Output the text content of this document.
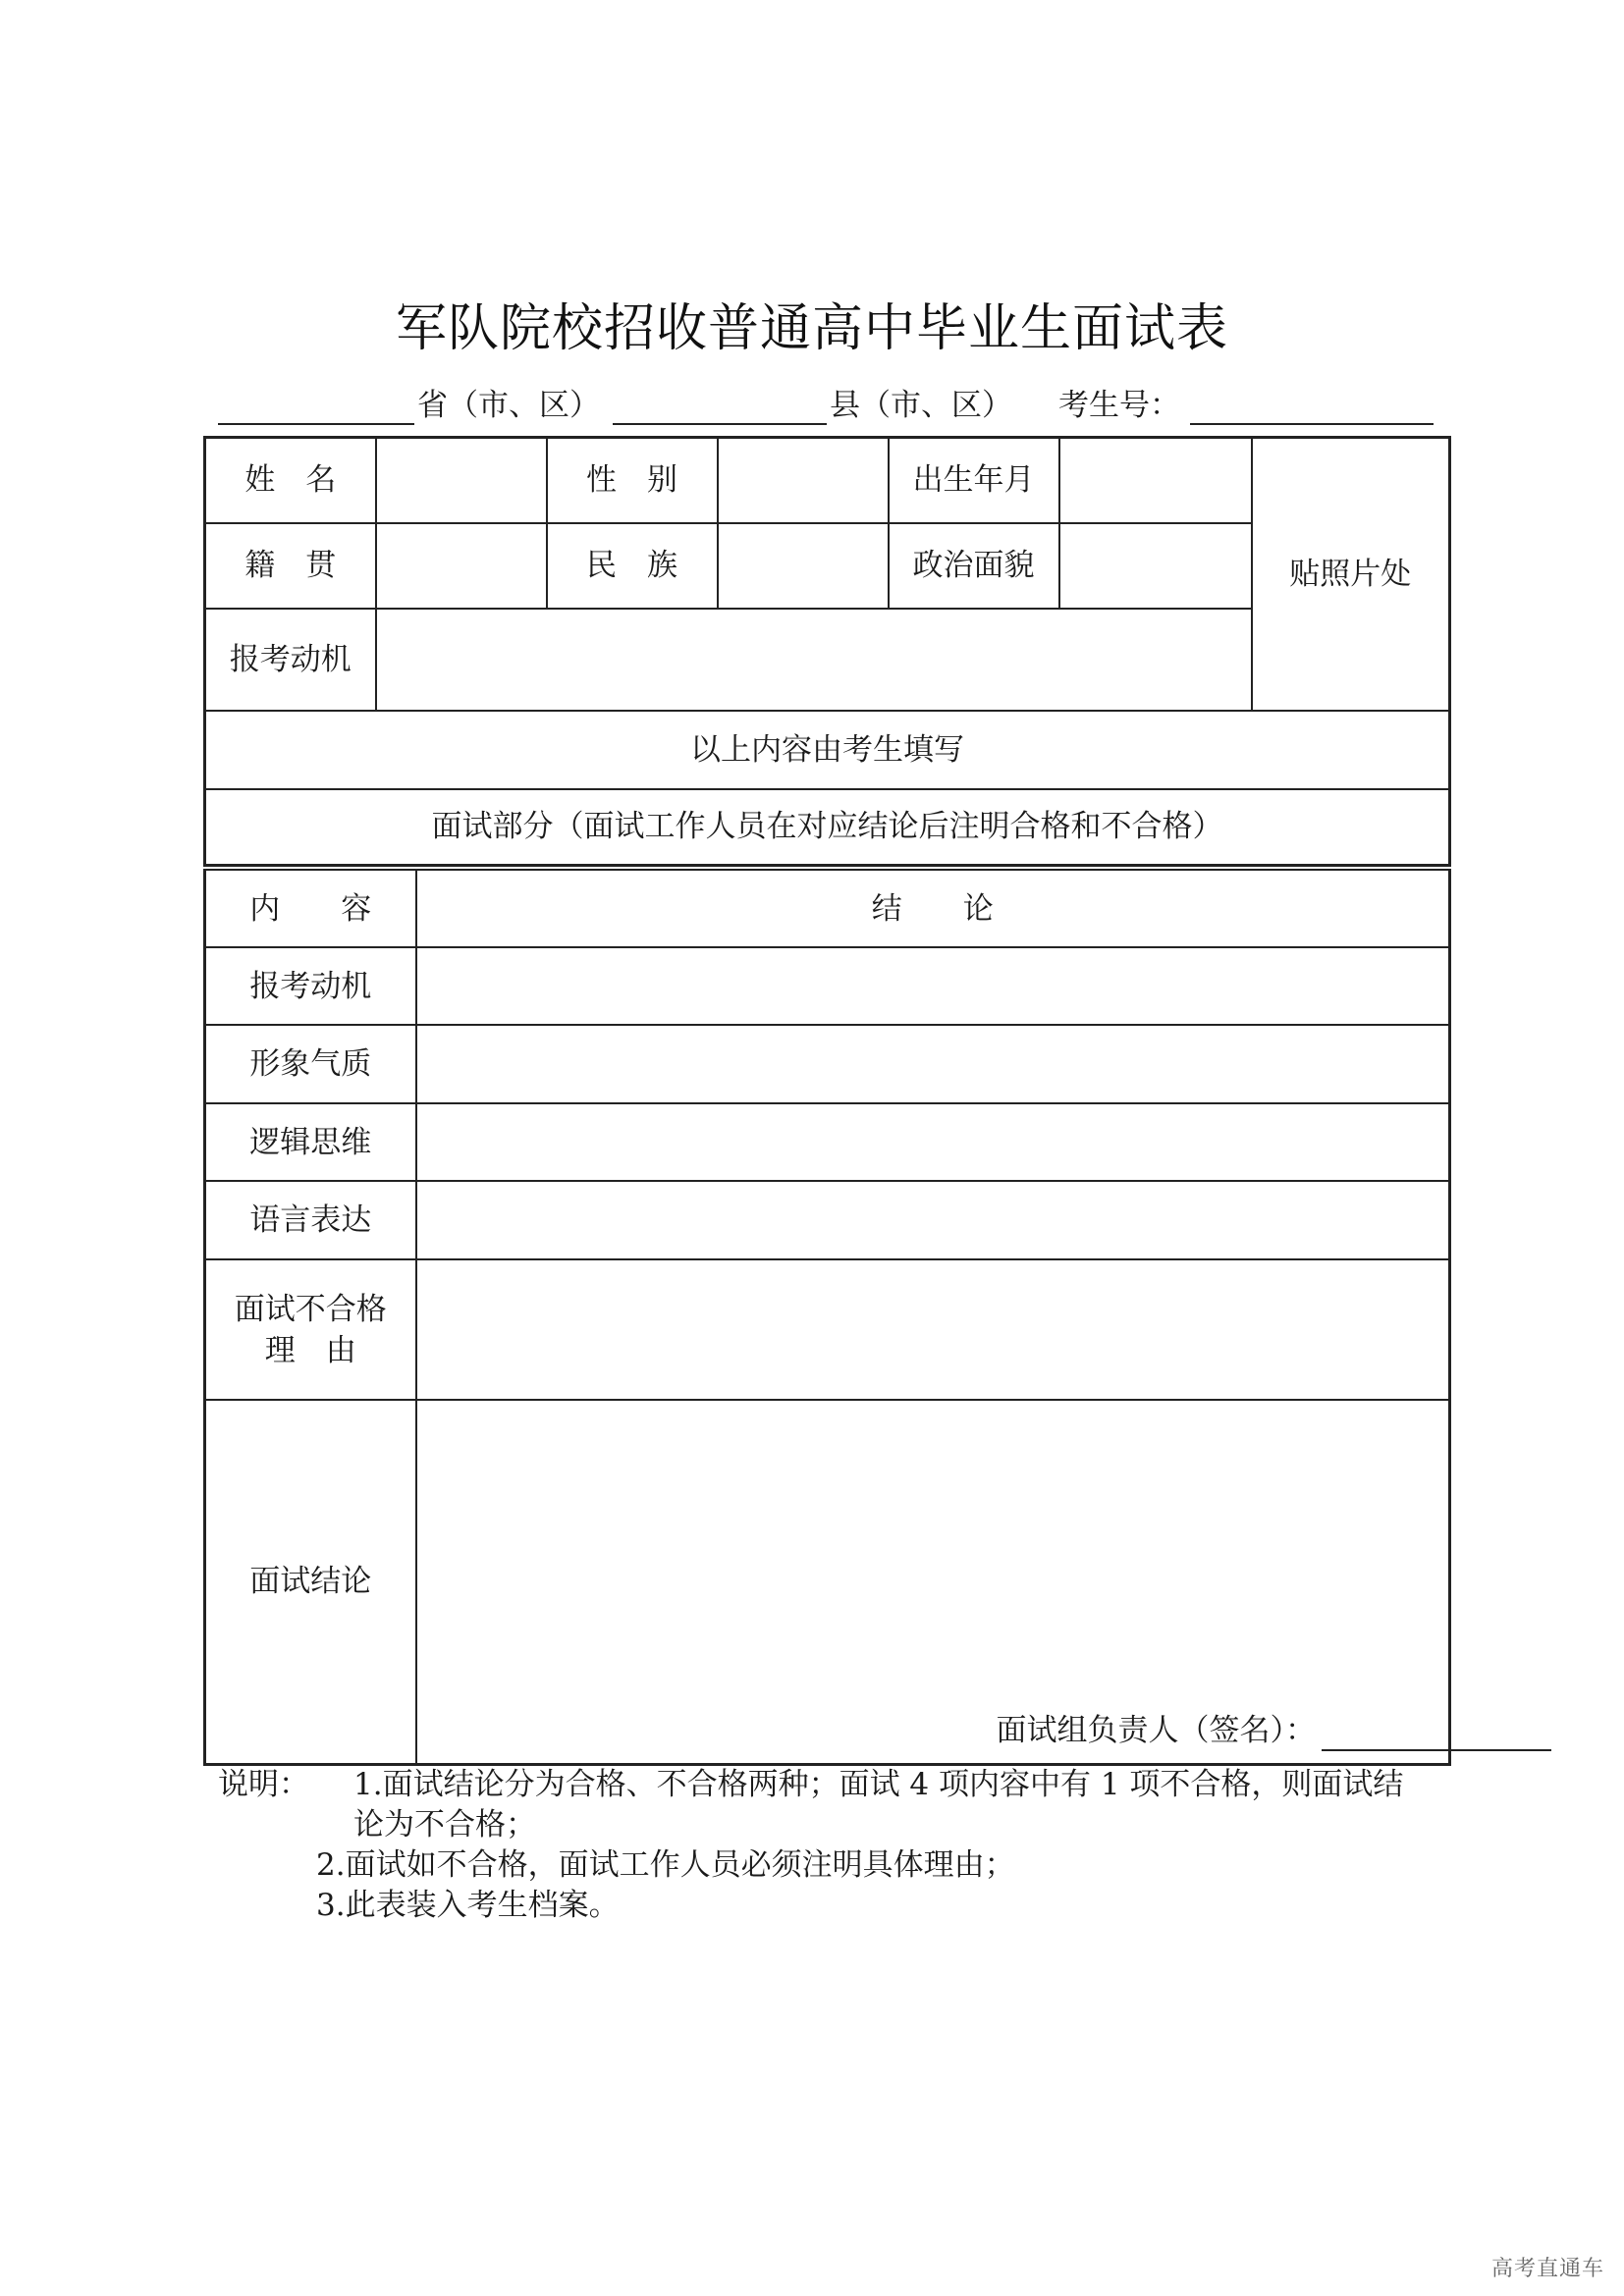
军队院校招收普通高中毕业生面试表
省（市、区）	县（市、区） 考生号：
姓　名		性　别		出生年月		贴照片处
籍　贯		民　族		政治面貌		
报考动机						
以上内容由考生填写						
面试部分（面试工作人员在对应结论后注明合格和不合格）						
内　　容	结　　论
报考动机	
形象气质	
逻辑思维	
语言表达	

面试不合格
理　由	

面试结论	面试组负责人（签名）：
说明： 1.面试结论分为合格、不合格两种；面试 4 项内容中有 1 项不合格，则面试结
论为不合格；
2.面试如不合格，面试工作人员必须注明具体理由；
3.此表装入考生档案。
高考直通车
